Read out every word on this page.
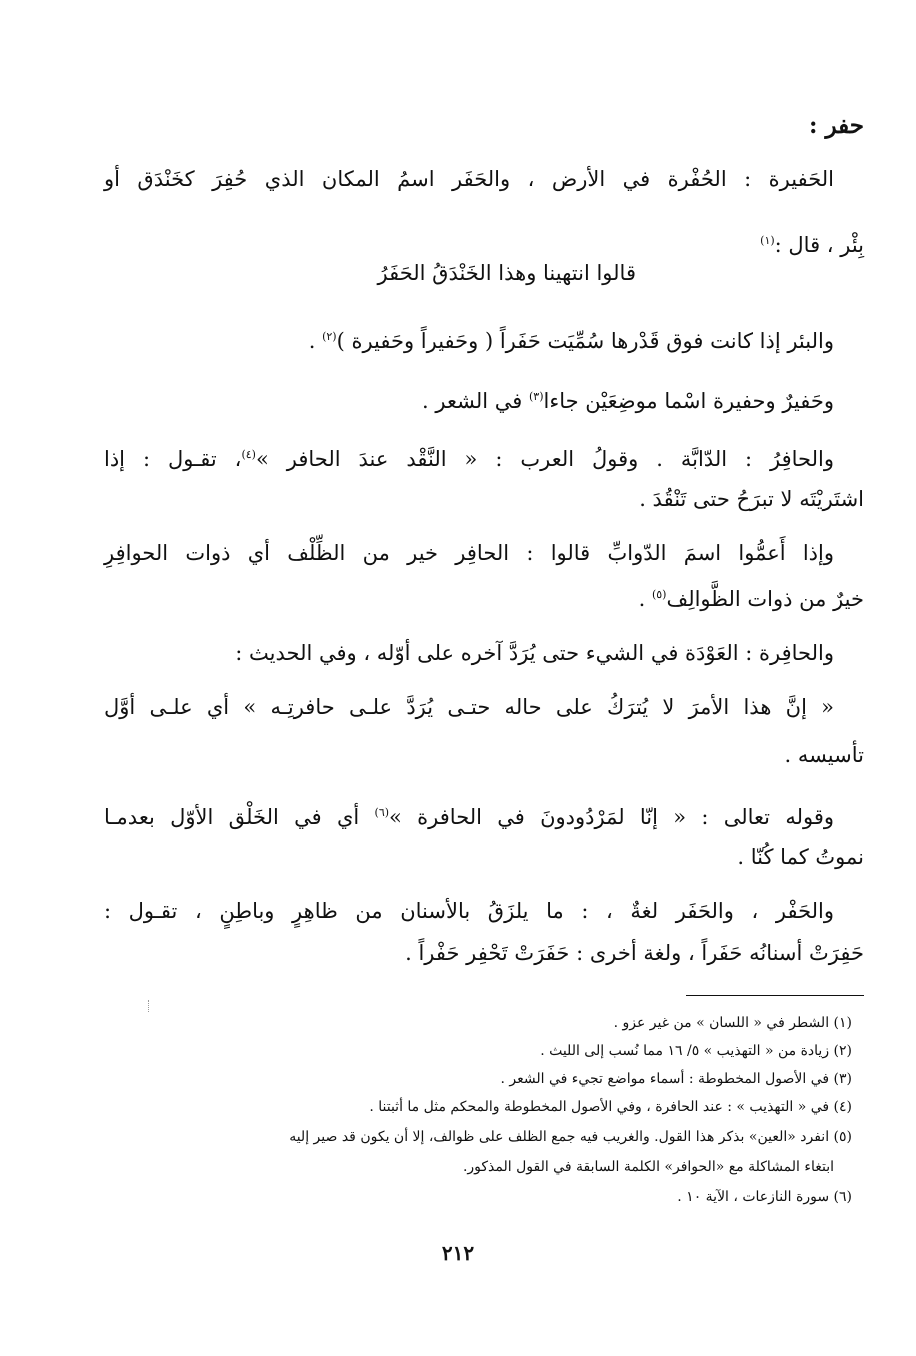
حفر :
الحَفيرة : الحُفْرة في الأرض ، والحَفَر اسمُ المكان الذي حُفِرَ كخَنْدَق أو
بِئْر ، قال :$^{(١)}$
قالوا انتهينا وهذا الخَنْدَقُ الحَفَرُ
والبئر إذا كانت فوق قَدْرها سُمِّيَت حَفَراً ( وحَفيراً وحَفيرة )$^{(٢)}$ .
وحَفيرٌ وحفيرة اسْما موضِعَيْن جاءا$^{(٣)}$ في الشعر .
والحافِرُ : الدّابَّة . وقولُ العرب : « النَّقْد عندَ الحافر »$^{(٤)}$، تقـول : إذا
اشتَريْتَه لا تبرَحُ حتى تَنْقُدَ .
وإذا أَعمُّوا اسمَ الدّوابِّ قالوا : الحافِر خير من الظِّلْف أي ذوات الحوافِرِ
خيرٌ من ذوات الظَّوالِف$^{(٥)}$ .
والحافِرة : العَوْدَة في الشيء حتى يُرَدَّ آخره على أوّله ، وفي الحديث :
« إنَّ هذا الأمرَ لا يُترَكُ على حاله حتـى يُرَدَّ علـى حافرتِـه » أي علـى أوَّل
تأسيسه .
وقوله تعالى : « إنّا لمَرْدُودونَ في الحافرة »$^{(٦)}$ أي في الخَلْق الأوّل بعدمـا
نموتُ كما كُنّا .
والحَفْر ، والحَفَر لغةٌ ، : ما يلزَقُ بالأسنان من ظاهِرٍ وباطِنٍ ، تقـول :
حَفِرَتْ أسنانُه حَفَراً ، ولغة أخرى : حَفَرَتْ تَحْفِر حَفْراً .
(١) الشطر في « اللسان » من غير عزو .
(٢) زيادة من « التهذيب » ٥/ ١٦ مما نُسب إلى الليث .
(٣) في الأصول المخطوطة : أسماء مواضع تجيء في الشعر .
(٤) في « التهذيب » : عند الحافرة ، وفي الأصول المخطوطة والمحكم مثل ما أثبتنا .
(٥) انفرد «العين» بذكر هذا القول. والغريب فيه جمع الظلف على ظوالف، إلا أن يكون قد صير إليه
ابتغاء المشاكلة مع «الحوافر» الكلمة السابقة في القول المذكور.
(٦) سورة النازعات ، الآية ١٠ .
٢١٢
